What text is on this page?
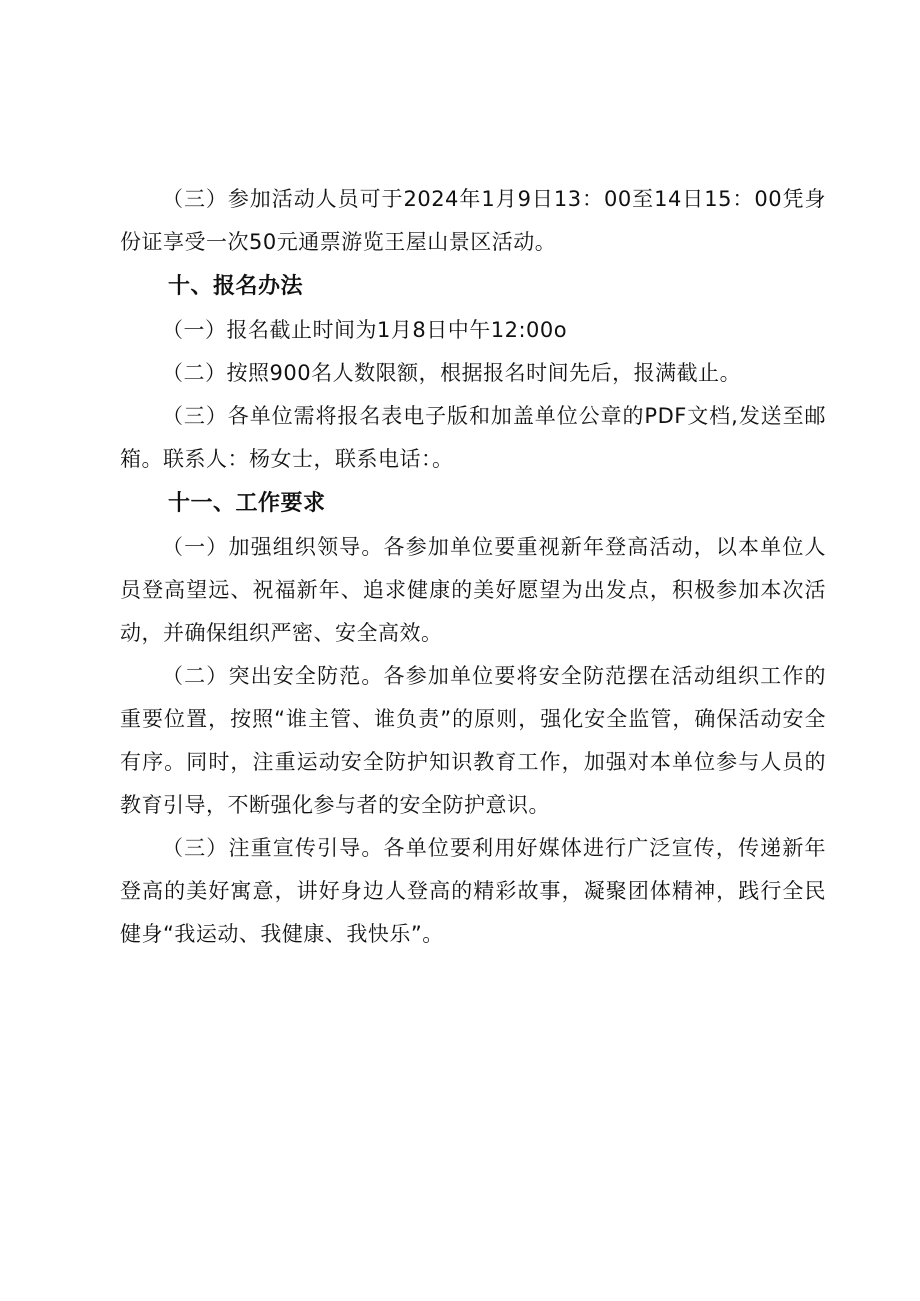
（三）参加活动人员可于2024年1月9日13：00至14日15：00凭身份证享受一次50元通票游览王屋山景区活动。

十、报名办法

（一）报名截止时间为1月8日中午12:00o

（二）按照900名人数限额，根据报名时间先后，报满截止。

（三）各单位需将报名表电子版和加盖单位公章的PDF文档,发送至邮箱。联系人：杨女士，联系电话：。

十一、工作要求

（一）加强组织领导。各参加单位要重视新年登高活动，以本单位人员登高望远、祝福新年、追求健康的美好愿望为出发点，积极参加本次活动，并确保组织严密、安全高效。

（二）突出安全防范。各参加单位要将安全防范摆在活动组织工作的重要位置，按照“谁主管、谁负责”的原则，强化安全监管，确保活动安全有序。同时，注重运动安全防护知识教育工作，加强对本单位参与人员的教育引导，不断强化参与者的安全防护意识。

（三）注重宣传引导。各单位要利用好媒体进行广泛宣传，传递新年登高的美好寓意，讲好身边人登高的精彩故事，凝聚团体精神，践行全民健身“我运动、我健康、我快乐”。
